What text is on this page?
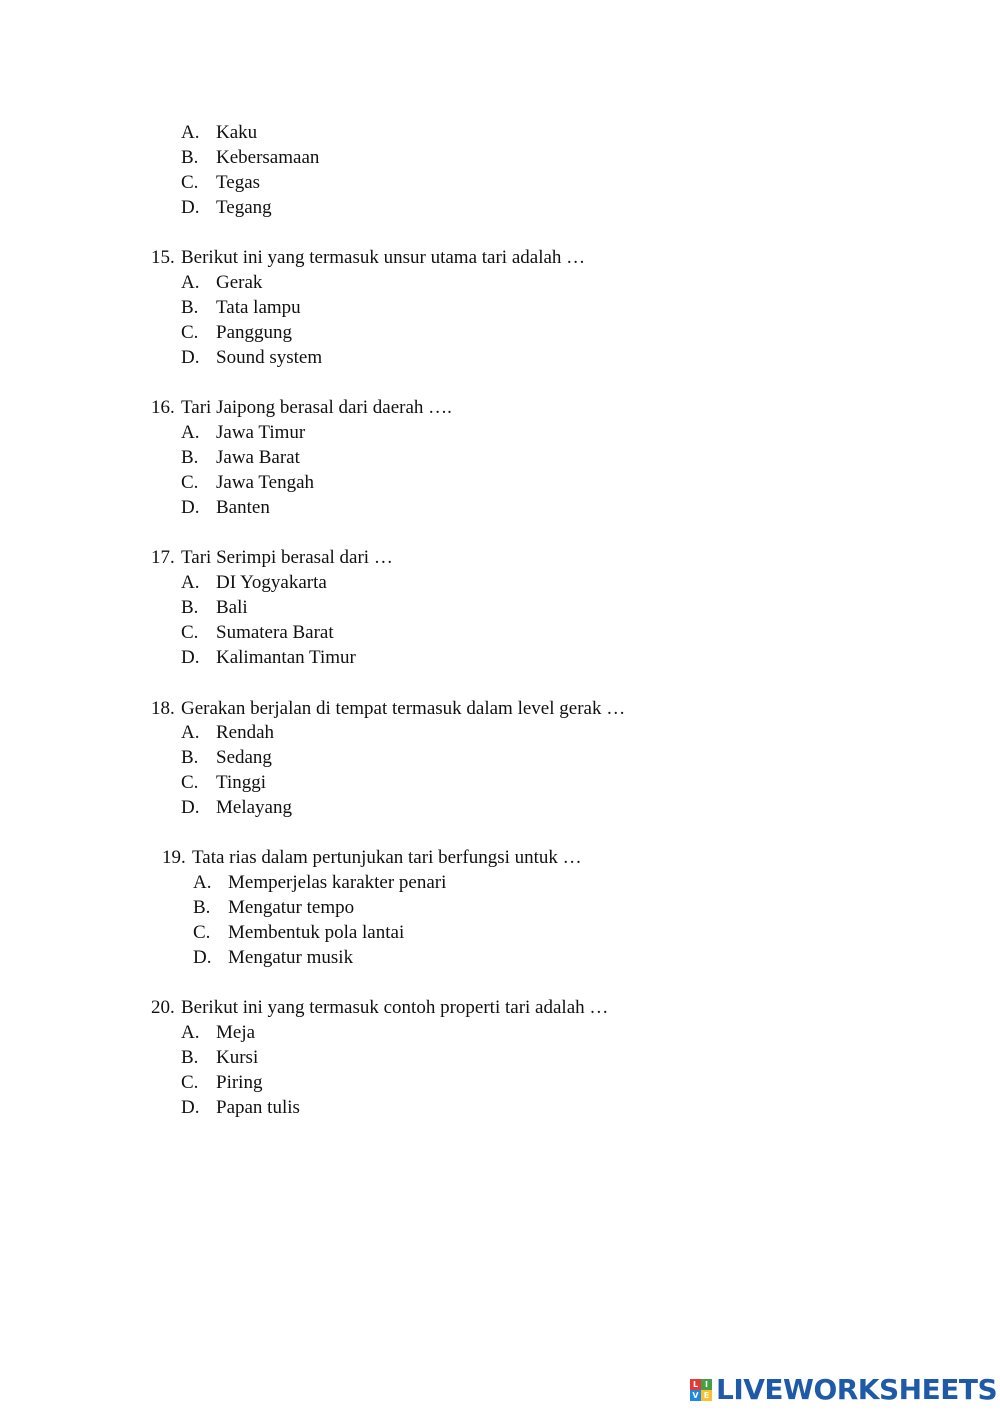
A. Kaku
B. Kebersamaan
C. Tegas
D. Tegang
15. Berikut ini yang termasuk unsur utama tari adalah …
A. Gerak
B. Tata lampu
C. Panggung
D. Sound system
16. Tari Jaipong berasal dari daerah ….
A. Jawa Timur
B. Jawa Barat
C. Jawa Tengah
D. Banten
17. Tari Serimpi berasal dari …
A. DI Yogyakarta
B. Bali
C. Sumatera Barat
D. Kalimantan Timur
18. Gerakan berjalan di tempat termasuk dalam level gerak …
A. Rendah
B. Sedang
C. Tinggi
D. Melayang
19. Tata rias dalam pertunjukan tari berfungsi untuk …
A. Memperjelas karakter penari
B. Mengatur tempo
C. Membentuk pola lantai
D. Mengatur musik
20. Berikut ini yang termasuk contoh properti tari adalah …
A. Meja
B. Kursi
C. Piring
D. Papan tulis
L I
V E LIVEWORKSHEETS
